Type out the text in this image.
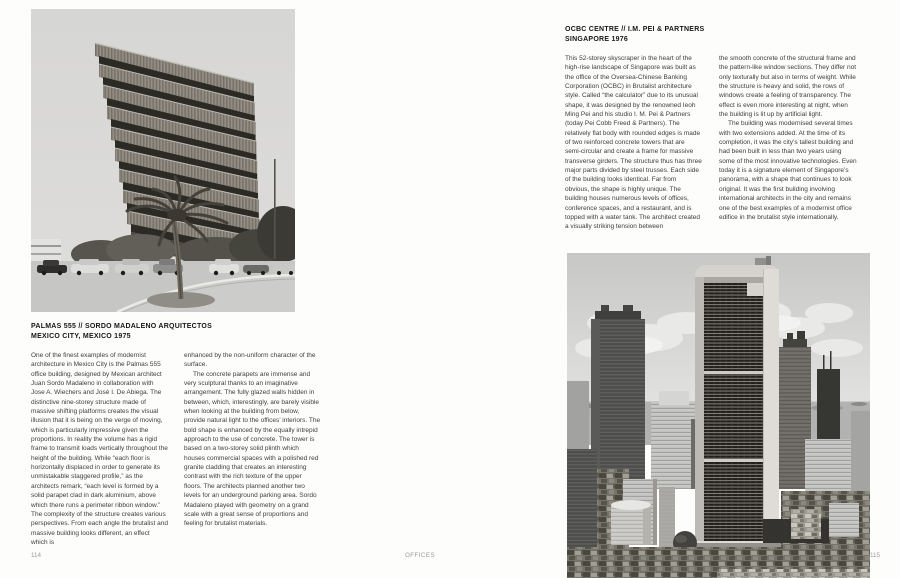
PALMAS 555 // SORDO MADALENO ARQUITECTOS
MEXICO CITY, MEXICO 1975

One of the finest examples of modernist architecture in Mexico City is the Palmas 555 office building, designed by Mexican architect Juan Sordo Madaleno in collaboration with Jose A. Wiechers and José I. De Abiega. The distinctive nine-storey structure made of massive shifting platforms creates the visual illusion that it is being on the verge of moving, which is particularly impressive given the proportions. In reality the volume has a rigid frame to transmit loads vertically throughout the height of the building. While “each floor is horizontally displaced in order to generate its unmistakable staggered profile,” as the architects remark, “each level is formed by a solid parapet clad in dark aluminium, above which there runs a perimeter ribbon window.” The complexity of the structure creates various perspectives. From each angle the brutalist and massive building looks different, an effect which is

enhanced by the non-uniform character of the surface.

The concrete parapets are immense and very sculptural thanks to an imaginative arrangement. The fully glazed walls hidden in between, which, interestingly, are barely visible when looking at the building from below, provide natural light to the offices’ interiors. The bold shape is enhanced by the equally intrepid approach to the use of concrete. The tower is based on a two-storey solid plinth which houses commercial spaces with a polished red granite cladding that creates an interesting contrast with the rich texture of the upper floors. The architects planned another two levels for an underground parking area. Sordo Madaleno played with geometry on a grand scale with a great sense of proportions and feeling for brutalist materials.

114
OCBC CENTRE // I.M. PEI & PARTNERS
SINGAPORE 1976

This 52-storey skyscraper in the heart of the high-rise landscape of Singapore was built as the office of the Oversea-Chinese Banking Corporation (OCBC) in Brutalist architecture style. Called “the calculator” due to its unusual shape, it was designed by the renowned Ieoh Ming Pei and his studio I. M. Pei & Partners (today Pei Cobb Freed & Partners). The relatively flat body with rounded edges is made of two reinforced concrete towers that are semi-circular and create a frame for massive transverse girders. The structure thus has three major parts divided by steel trusses. Each side of the building looks identical. Far from obvious, the shape is highly unique. The building houses numerous levels of offices, conference spaces, and a restaurant, and is topped with a water tank. The architect created a visually striking tension between

the smooth concrete of the structural frame and the pattern-like window sections. They differ not only texturally but also in terms of weight. While the structure is heavy and solid, the rows of windows create a feeling of transparency. The effect is even more interesting at night, when the building is lit up by artificial light.

The building was modernised several times with two extensions added. At the time of its completion, it was the city’s tallest building and had been built in less than two years using some of the most innovative technologies. Even today it is a signature element of Singapore’s panorama, with a shape that continues to look original. It was the first building involving international architects in the city and remains one of the best examples of a modernist office edifice in the brutalist style internationally.

115
OFFICES
